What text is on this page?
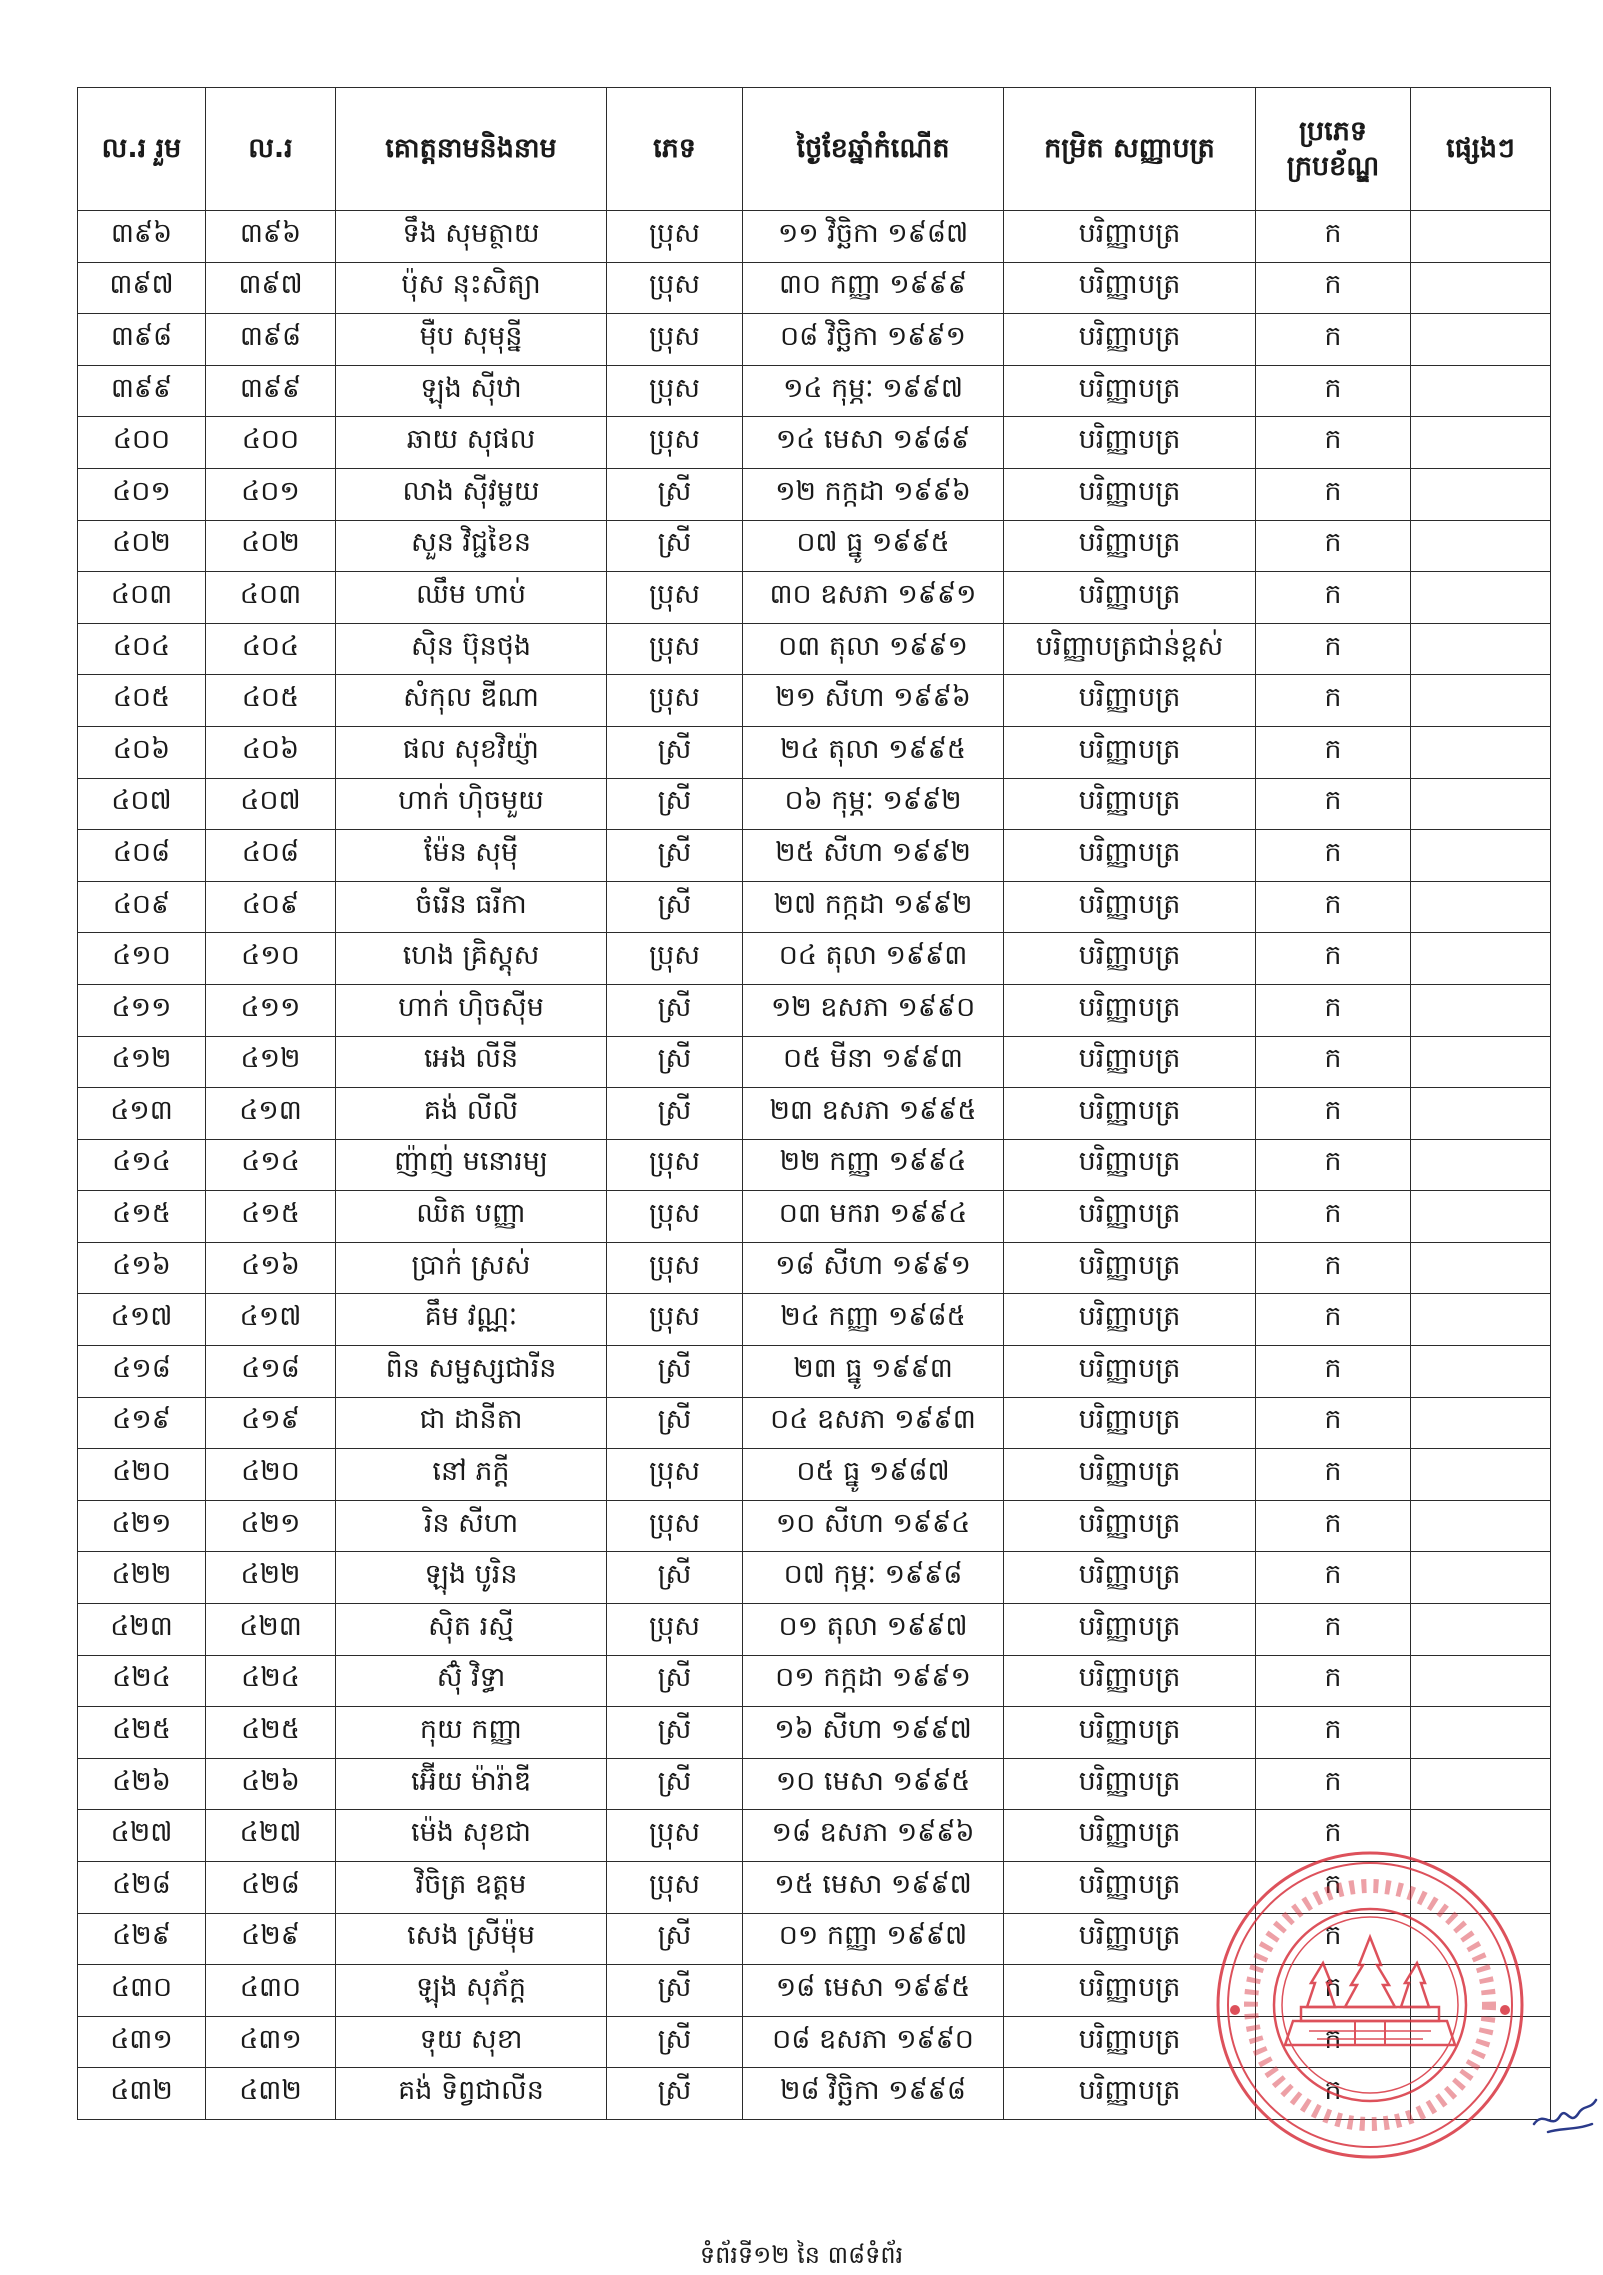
ល.រ រួម	ល.រ	គោត្តនាមនិងនាម	ភេទ	ថ្ងៃខែឆ្នាំកំណើត	កម្រិត សញ្ញាបត្រ	ប្រភេទ ក្របខ័ណ្ឌ	ផ្សេងៗ
៣៩៦	៣៩៦	ទឹង សុមត្ថាយ	ប្រុស	១១ វិច្ឆិកា ១៩៨៧	បរិញ្ញាបត្រ	ក	
៣៩៧	៣៩៧	ប៉ុស នុះសិត្យា	ប្រុស	៣០ កញ្ញា ១៩៩៩	បរិញ្ញាបត្រ	ក	
៣៩៨	៣៩៨	ម៉ឺប សុមុន្នី	ប្រុស	០៨ វិច្ឆិកា ១៩៩១	បរិញ្ញាបត្រ	ក	
៣៩៩	៣៩៩	ឡុង ស៊ីឋា	ប្រុស	១៤ កុម្ភៈ ១៩៩៧	បរិញ្ញាបត្រ	ក	
៤០០	៤០០	ឆាយ សុផល	ប្រុស	១៤ មេសា ១៩៨៩	បរិញ្ញាបត្រ	ក	
៤០១	៤០១	លាង ស៊ីវម្លយ	ស្រី	១២ កក្កដា ១៩៩៦	បរិញ្ញាបត្រ	ក	
៤០២	៤០២	សួន វិជ្ជខៃន	ស្រី	០៧ ធ្នូ ១៩៩៥	បរិញ្ញាបត្រ	ក	
៤០៣	៤០៣	ឈឹម ហាប់	ប្រុស	៣០ ឧសភា ១៩៩១	បរិញ្ញាបត្រ	ក	
៤០៤	៤០៤	ស៊ិន ប៊ុនថុង	ប្រុស	០៣ តុលា ១៩៩១	បរិញ្ញាបត្រជាន់ខ្ពស់	ក	
៤០៥	៤០៥	សំកុល ឌីណា	ប្រុស	២១ សីហា ១៩៩៦	បរិញ្ញាបត្រ	ក	
៤០៦	៤០៦	ផល សុខវិយ្ញ៉ា	ស្រី	២៤ តុលា ១៩៩៥	បរិញ្ញាបត្រ	ក	
៤០៧	៤០៧	ហាក់ ហុិចមួយ	ស្រី	០៦ កុម្ភៈ ១៩៩២	បរិញ្ញាបត្រ	ក	
៤០៨	៤០៨	ម៉ែន សុម៉ី	ស្រី	២៥ សីហា ១៩៩២	បរិញ្ញាបត្រ	ក	
៤០៩	៤០៩	ចំរើន ធរីកា	ស្រី	២៧ កក្កដា ១៩៩២	បរិញ្ញាបត្រ	ក	
៤១០	៤១០	ហេង គ្រិស្តុស	ប្រុស	០៤ តុលា ១៩៩៣	បរិញ្ញាបត្រ	ក	
៤១១	៤១១	ហាក់ ហុិចស៊ីម	ស្រី	១២ ឧសភា ១៩៩០	បរិញ្ញាបត្រ	ក	
៤១២	៤១២	អេង លីនី	ស្រី	០៥ មីនា ១៩៩៣	បរិញ្ញាបត្រ	ក	
៤១៣	៤១៣	គង់ លីលី	ស្រី	២៣ ឧសភា ១៩៩៥	បរិញ្ញាបត្រ	ក	
៤១៤	៤១៤	ញ៉ាញ់ មនោរម្យ	ប្រុស	២២ កញ្ញា ១៩៩៤	បរិញ្ញាបត្រ	ក	
៤១៥	៤១៥	ឈិត បញ្ញា	ប្រុស	០៣ មករា ១៩៩៤	បរិញ្ញាបត្រ	ក	
៤១៦	៤១៦	ប្រាក់ ស្រស់	ប្រុស	១៨ សីហា ១៩៩១	បរិញ្ញាបត្រ	ក	
៤១៧	៤១៧	គឹម វណ្ណៈ	ប្រុស	២៤ កញ្ញា ១៩៨៥	បរិញ្ញាបត្រ	ក	
៤១៨	៤១៨	ពិន សម្ផស្សជារីន	ស្រី	២៣ ធ្នូ ១៩៩៣	បរិញ្ញាបត្រ	ក	
៤១៩	៤១៩	ជា ដានីតា	ស្រី	០៤ ឧសភា ១៩៩៣	បរិញ្ញាបត្រ	ក	
៤២០	៤២០	នៅ ភក្តី	ប្រុស	០៥ ធ្នូ ១៩៨៧	បរិញ្ញាបត្រ	ក	
៤២១	៤២១	រិន សីហា	ប្រុស	១០ សីហា ១៩៩៤	បរិញ្ញាបត្រ	ក	
៤២២	៤២២	ឡុង បូរិន	ស្រី	០៧ កុម្ភៈ ១៩៩៨	បរិញ្ញាបត្រ	ក	
៤២៣	៤២៣	ស៊ិត រស្មី	ប្រុស	០១ តុលា ១៩៩៧	បរិញ្ញាបត្រ	ក	
៤២៤	៤២៤	ស៊ុំ វិទ្ធា	ស្រី	០១ កក្កដា ១៩៩១	បរិញ្ញាបត្រ	ក	
៤២៥	៤២៥	កុយ កញ្ញា	ស្រី	១៦ សីហា ១៩៩៧	បរិញ្ញាបត្រ	ក	
៤២៦	៤២៦	អ៊ើយ ម៉ារ៉ាឌី	ស្រី	១០ មេសា ១៩៩៥	បរិញ្ញាបត្រ	ក	
៤២៧	៤២៧	ម៉េង សុខជា	ប្រុស	១៨ ឧសភា ១៩៩៦	បរិញ្ញាបត្រ	ក	
៤២៨	៤២៨	វិចិត្រ ឧត្តម	ប្រុស	១៥ មេសា ១៩៩៧	បរិញ្ញាបត្រ	ក	
៤២៩	៤២៩	សេង ស្រីម៉ុម	ស្រី	០១ កញ្ញា ១៩៩៧	បរិញ្ញាបត្រ	ក	
៤៣០	៤៣០	ឡុង សុភ័ក្ត	ស្រី	១៨ មេសា ១៩៩៥	បរិញ្ញាបត្រ	ក	
៤៣១	៤៣១	ទុយ សុខា	ស្រី	០៨ ឧសភា ១៩៩០	បរិញ្ញាបត្រ	ក	
៤៣២	៤៣២	គង់ ទិព្វជាលីន	ស្រី	២៨ វិច្ឆិកា ១៩៩៨	បរិញ្ញាបត្រ	ក	
ទំព័រទី១២ នៃ ៣៨ទំព័រ
